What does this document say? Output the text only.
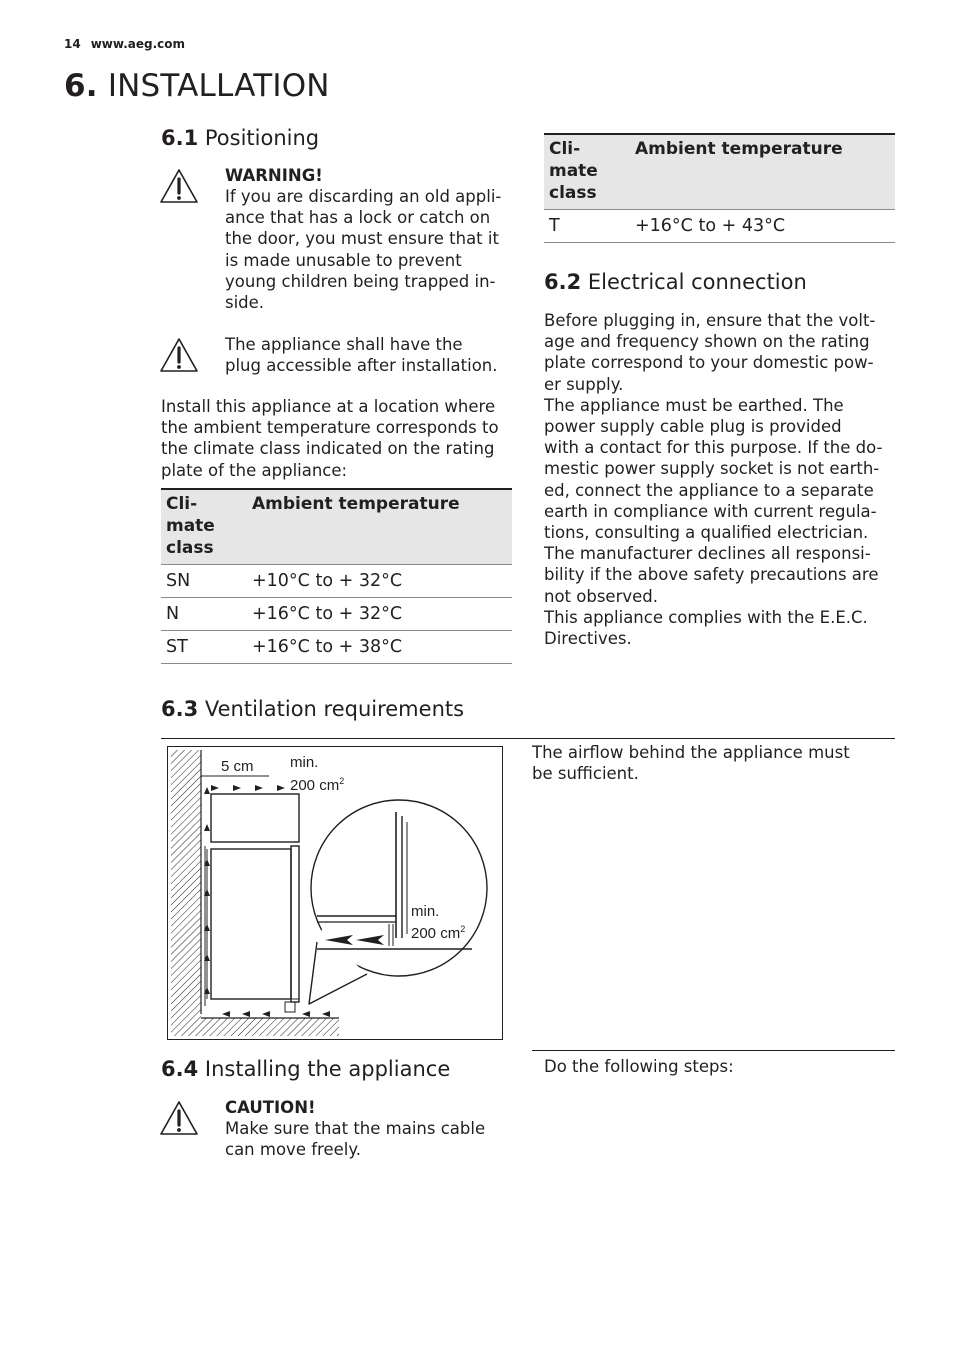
14 www.aeg.com
6. INSTALLATION
6.1 Positioning
WARNING!
If you are discarding an old appli-
ance that has a lock or catch on
the door, you must ensure that it
is made unusable to prevent
young children being trapped in-
side.
The appliance shall have the
plug accessible after installation.
Install this appliance at a location where
the ambient temperature corresponds to
the climate class indicated on the rating
plate of the appliance:
Cli-
mate
class	Ambient temperature
SN	+10°C to + 32°C
N	+16°C to + 32°C
ST	+16°C to + 38°C
Cli-
mate
class	Ambient temperature
T	+16°C to + 43°C
6.2 Electrical connection
Before plugging in, ensure that the volt-
age and frequency shown on the rating
plate correspond to your domestic pow-
er supply.
The appliance must be earthed. The
power supply cable plug is provided
with a contact for this purpose. If the do-
mestic power supply socket is not earth-
ed, connect the appliance to a separate
earth in compliance with current regula-
tions, consulting a qualified electrician.
The manufacturer declines all responsi-
bility if the above safety precautions are
not observed.
This appliance complies with the E.E.C.
Directives.
6.3 Ventilation requirements
The airflow behind the appliance must
be sufficient.
5 cm min.
200 $cm^2$
min.
200 $cm^2$
6.4 Installing the appliance	Do the following steps:
CAUTION!
Make sure that the mains cable
can move freely.
